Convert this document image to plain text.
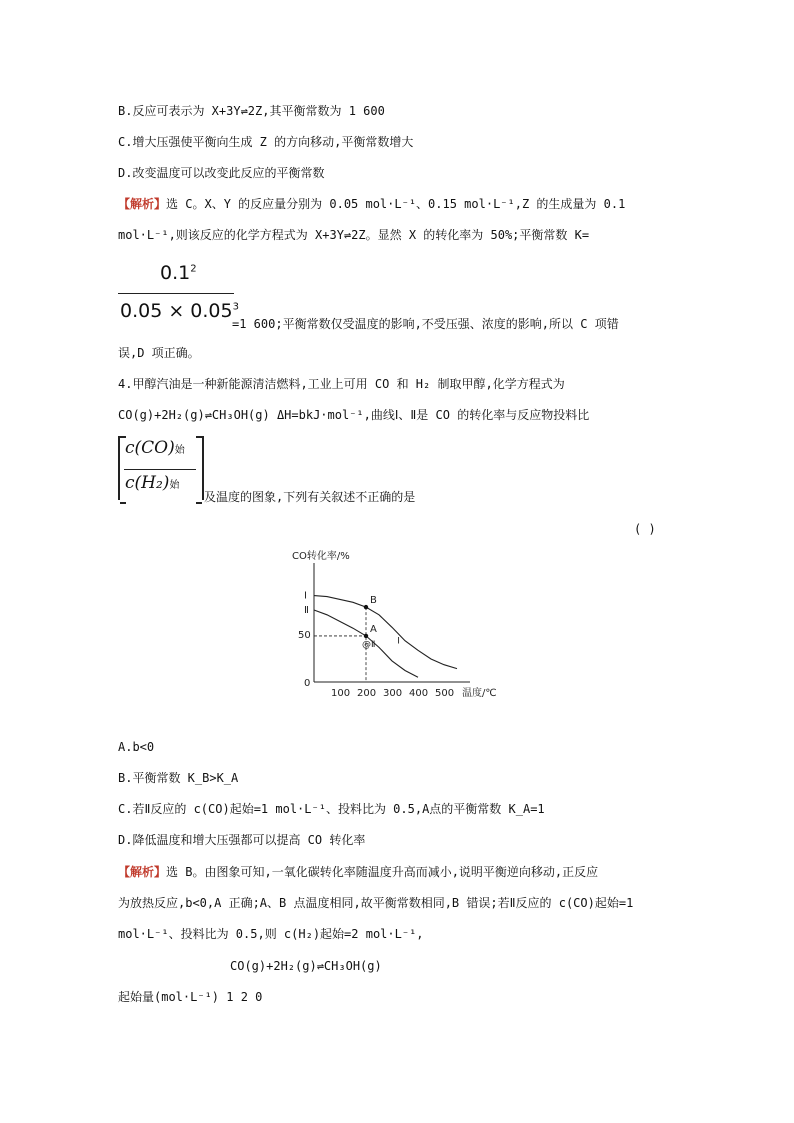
B.反应可表示为 X+3Y⇌2Z,其平衡常数为 1 600
C.增大压强使平衡向生成 Z 的方向移动,平衡常数增大
D.改变温度可以改变此反应的平衡常数
【解析】选 C。X、Y 的反应量分别为 0.05 mol·L⁻¹、0.15 mol·L⁻¹,Z 的生成量为 0.1
mol·L⁻¹,则该反应的化学方程式为 X+3Y⇌2Z。显然 X 的转化率为 50%;平衡常数 K=
$0.1^2$
$0.05 \times 0.05^3$
=1 600;平衡常数仅受温度的影响,不受压强、浓度的影响,所以 C 项错
误,D 项正确。
4.甲醇汽油是一种新能源清洁燃料,工业上可用 CO 和 H₂ 制取甲醇,化学方程式为
CO(g)+2H₂(g)⇌CH₃OH(g) ΔH=bkJ·mol⁻¹,曲线Ⅰ、Ⅱ是 CO 的转化率与反应物投料比
c(CO)始
c(H₂)始
及温度的图象,下列有关叙述不正确的是
( )
CO转化率/%
100 200 300 400 500
0
50
Ⅰ
Ⅱ
B
A
@Ⅱ Ⅰ
温度/℃
A.b<0
B.平衡常数 K_B>K_A
C.若Ⅱ反应的 c(CO)起始=1 mol·L⁻¹、投料比为 0.5,A点的平衡常数 K_A=1
D.降低温度和增大压强都可以提高 CO 转化率
【解析】选 B。由图象可知,一氧化碳转化率随温度升高而减小,说明平衡逆向移动,正反应
为放热反应,b<0,A 正确;A、B 点温度相同,故平衡常数相同,B 错误;若Ⅱ反应的 c(CO)起始=1
mol·L⁻¹、投料比为 0.5,则 c(H₂)起始=2 mol·L⁻¹,
CO(g)+2H₂(g)⇌CH₃OH(g)
起始量(mol·L⁻¹) 1 2 0
